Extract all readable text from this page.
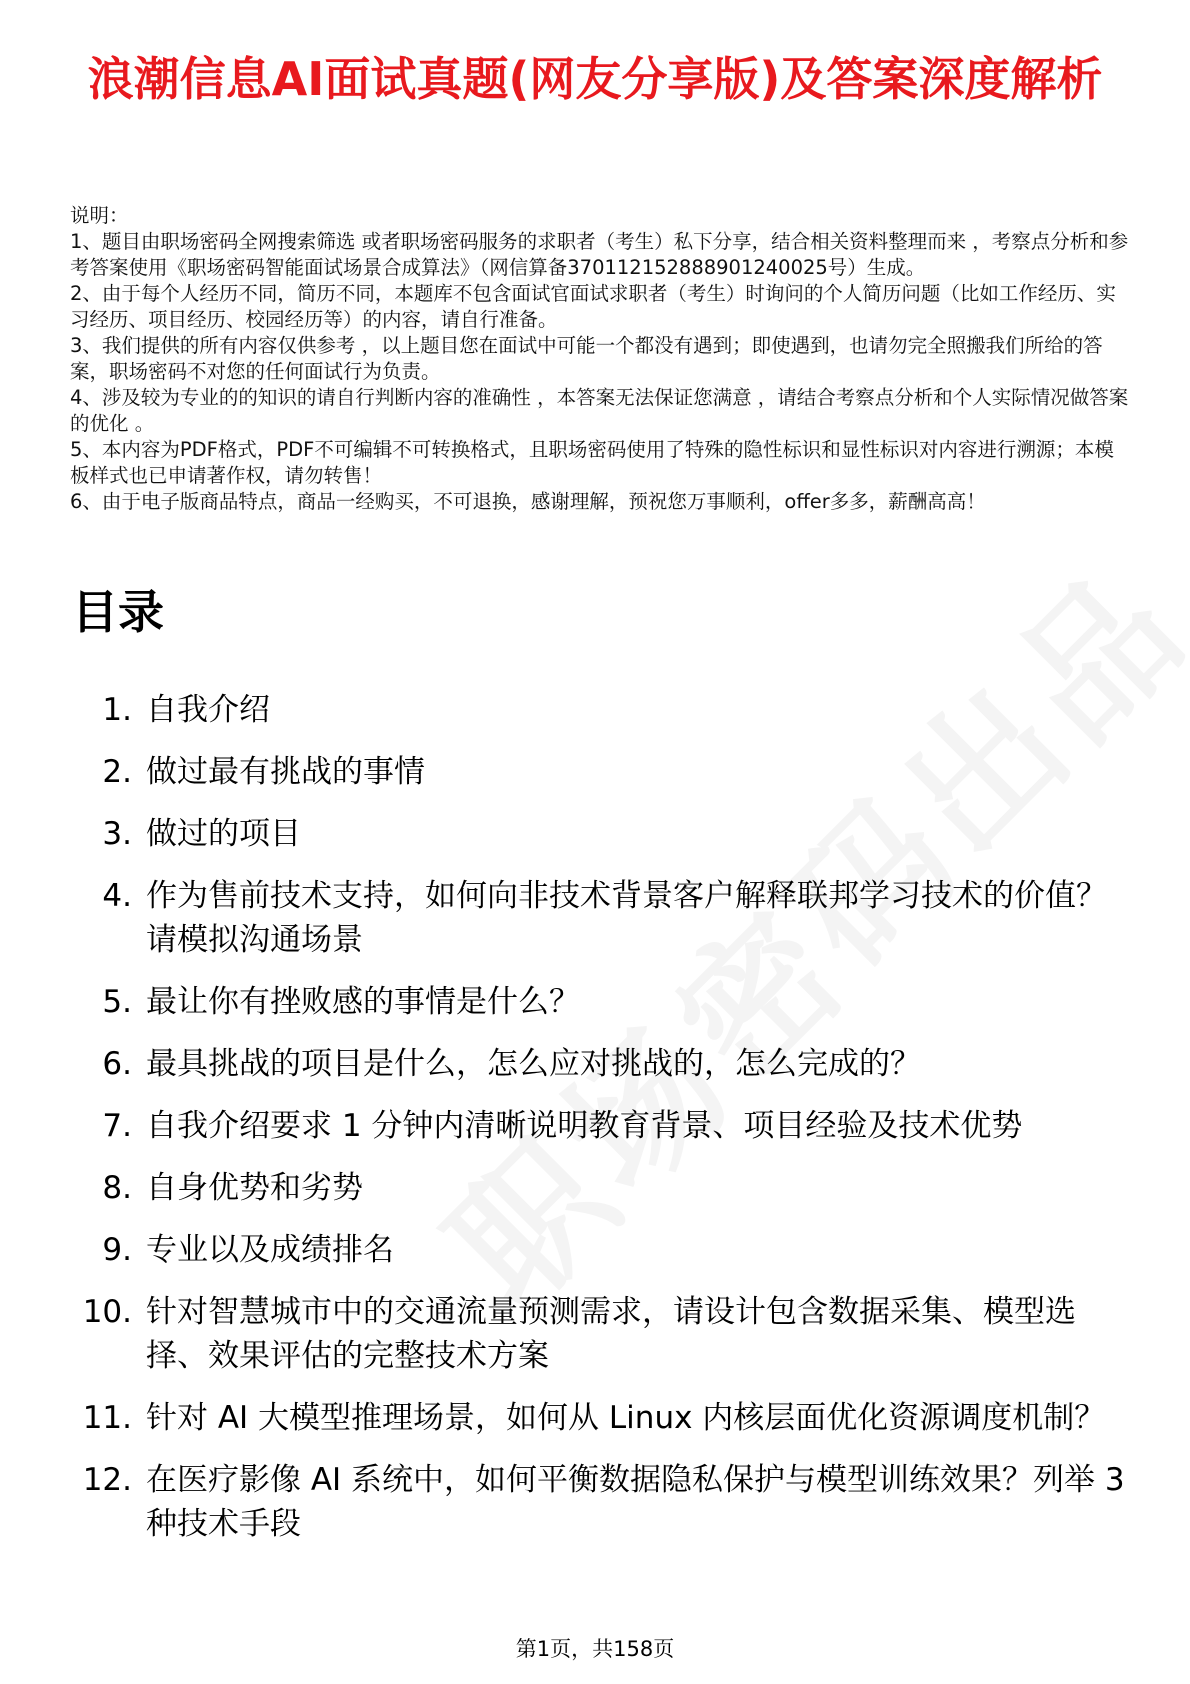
浪潮信息AI面试真题(网友分享版)及答案深度解析
说明：
1、题目由职场密码全网搜索筛选 或者职场密码服务的求职者（考生）私下分享，结合相关资料整理而来 ，考察点分析和参考答案使用《职场密码智能面试场景合成算法》（网信算备370112152888901240025号）生成。
2、由于每个人经历不同，简历不同，本题库不包含面试官面试求职者（考生）时询问的个人简历问题（比如工作经历、实习经历、项目经历、校园经历等）的内容，请自行准备。
3、我们提供的所有内容仅供参考 ，以上题目您在面试中可能一个都没有遇到；即使遇到，也请勿完全照搬我们所给的答案，职场密码不对您的任何面试行为负责。
4、涉及较为专业的的知识的请自行判断内容的准确性 ，本答案无法保证您满意 ，请结合考察点分析和个人实际情况做答案的优化 。
5、本内容为PDF格式，PDF不可编辑不可转换格式，且职场密码使用了特殊的隐性标识和显性标识对内容进行溯源；本模板样式也已申请著作权，请勿转售！
6、由于电子版商品特点，商品一经购买，不可退换，感谢理解，预祝您万事顺利，offer多多，薪酬高高！
目录
1. 自我介绍
2. 做过最有挑战的事情
3. 做过的项目
4. 作为售前技术支持，如何向非技术背景客户解释联邦学习技术的价值？请模拟沟通场景
5. 最让你有挫败感的事情是什么？
6. 最具挑战的项目是什么，怎么应对挑战的，怎么完成的？
7. 自我介绍要求 1 分钟内清晰说明教育背景、项目经验及技术优势
8. 自身优势和劣势
9. 专业以及成绩排名
10. 针对智慧城市中的交通流量预测需求，请设计包含数据采集、模型选择、效果评估的完整技术方案
11. 针对 AI 大模型推理场景，如何从 Linux 内核层面优化资源调度机制？
12. 在医疗影像 AI 系统中，如何平衡数据隐私保护与模型训练效果？列举 3 种技术手段
第1页，共158页
